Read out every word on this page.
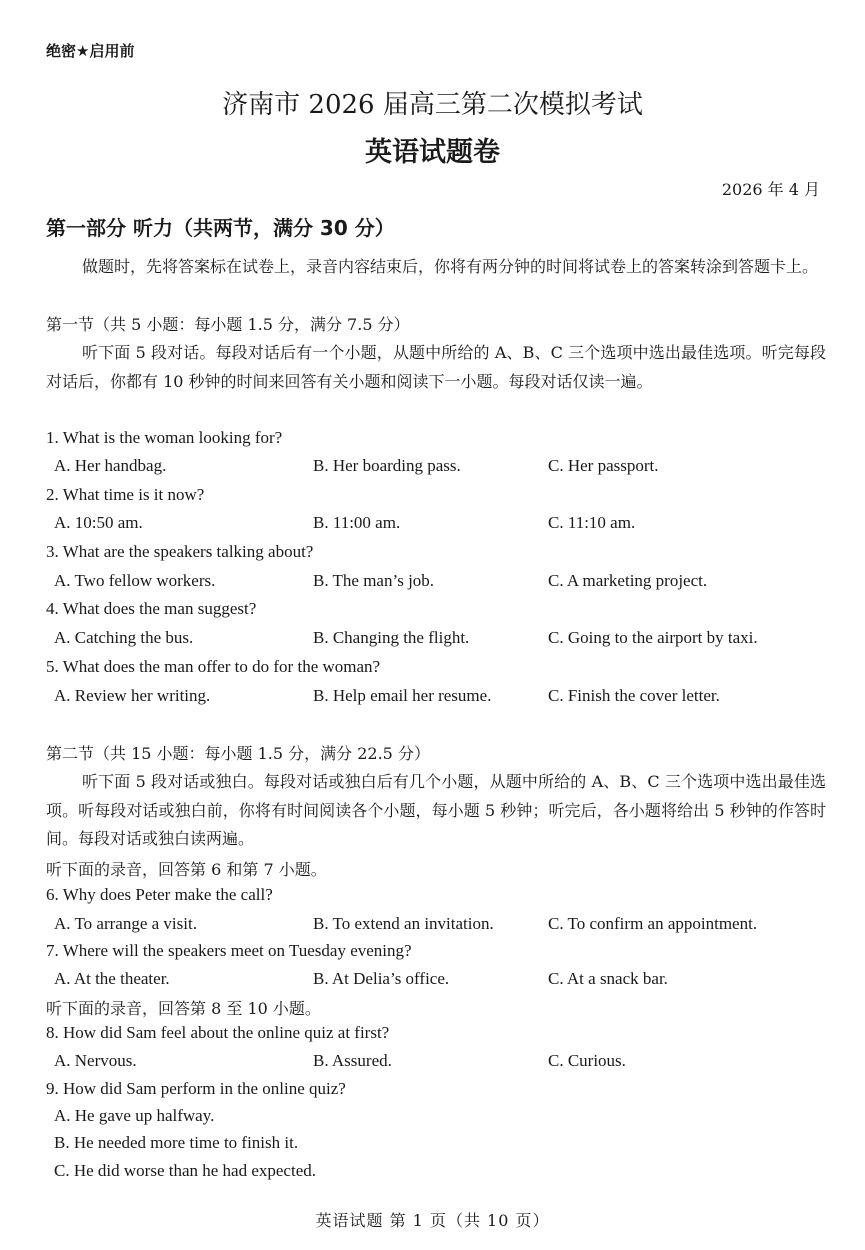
绝密★启用前
济南市 2026 届高三第二次模拟考试
英语试题卷
2026 年 4 月
第一部分 听力（共两节，满分 30 分）
做题时，先将答案标在试卷上，录音内容结束后，你将有两分钟的时间将试卷上的答案转涂到答题卡上。
第一节（共 5 小题：每小题 1.5 分，满分 7.5 分）
听下面 5 段对话。每段对话后有一个小题，从题中所给的 A、B、C 三个选项中选出最佳选项。听完每段对话后，你都有 10 秒钟的时间来回答有关小题和阅读下一小题。每段对话仅读一遍。
1. What is the woman looking for?
A. Her handbag.	B. Her boarding pass.	C. Her passport.
2. What time is it now?
A. 10:50 am.	B. 11:00 am.	C. 11:10 am.
3. What are the speakers talking about?
A. Two fellow workers.	B. The man’s job.	C. A marketing project.
4. What does the man suggest?
A. Catching the bus.	B. Changing the flight.	C. Going to the airport by taxi.
5. What does the man offer to do for the woman?
A. Review her writing.	B. Help email her resume.	C. Finish the cover letter.
第二节（共 15 小题：每小题 1.5 分，满分 22.5 分）
听下面 5 段对话或独白。每段对话或独白后有几个小题，从题中所给的 A、B、C 三个选项中选出最佳选项。听每段对话或独白前，你将有时间阅读各个小题，每小题 5 秒钟；听完后，各小题将给出 5 秒钟的作答时间。每段对话或独白读两遍。
听下面的录音，回答第 6 和第 7 小题。
6. Why does Peter make the call?
A. To arrange a visit.	B. To extend an invitation.	C. To confirm an appointment.
7. Where will the speakers meet on Tuesday evening?
A. At the theater.	B. At Delia’s office.	C. At a snack bar.
听下面的录音，回答第 8 至 10 小题。
8. How did Sam feel about the online quiz at first?
A. Nervous.	B. Assured.	C. Curious.
9. How did Sam perform in the online quiz?
A. He gave up halfway.
B. He needed more time to finish it.
C. He did worse than he had expected.
英语试题 第 1 页（共 10 页）
